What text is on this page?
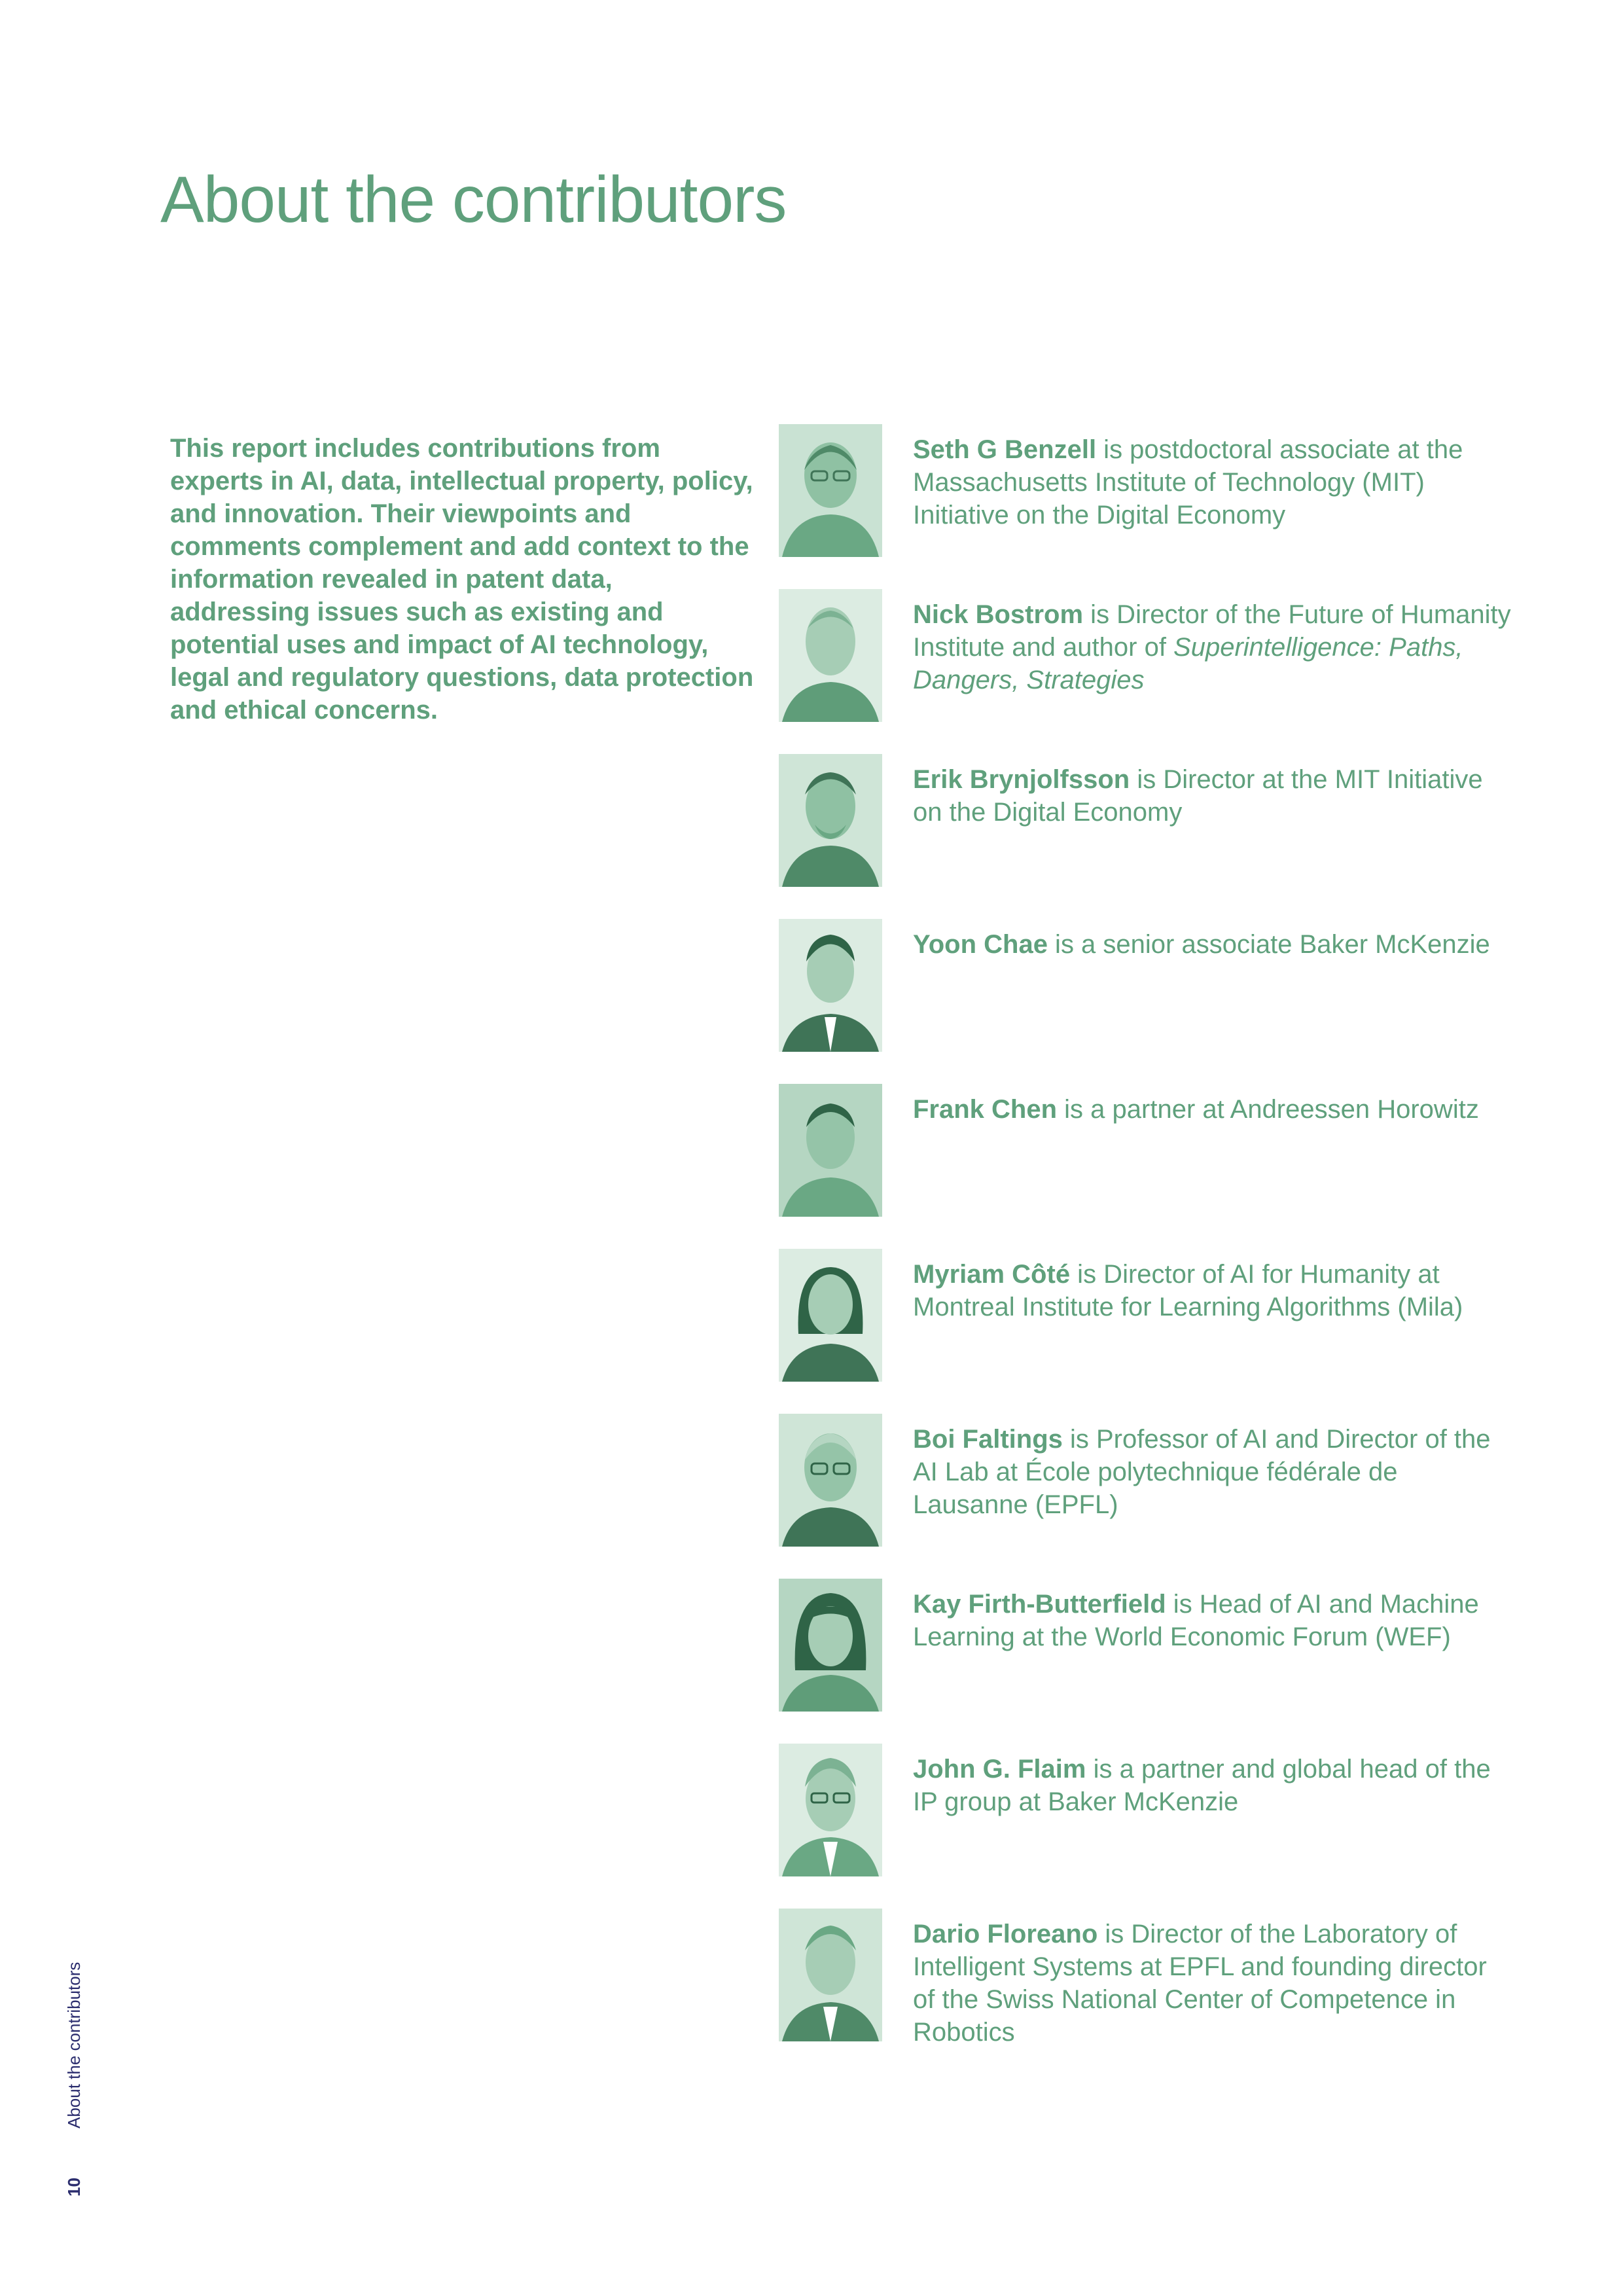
About the contributors

This report includes contributions from experts in AI, data, intellectual property, policy, and innovation. Their viewpoints and comments complement and add context to the information revealed in patent data, addressing issues such as existing and potential uses and impact of AI technology, legal and regulatory questions, data protection and ethical concerns.

Seth G Benzell is postdoctoral associate at the Massachusetts Institute of Technology (MIT) Initiative on the Digital Economy

Nick Bostrom is Director of the Future of Humanity Institute and author of Superintelligence: Paths, Dangers, Strategies

Erik Brynjolfsson is Director at the MIT Initiative on the Digital Economy

Yoon Chae is a senior associate Baker McKenzie

Frank Chen is a partner at Andreessen Horowitz

Myriam Côté is Director of AI for Humanity at Montreal Institute for Learning Algorithms (Mila)

Boi Faltings is Professor of AI and Director of the AI Lab at École polytechnique fédérale de Lausanne (EPFL)

Kay Firth-Butterfield is Head of AI and Machine Learning at the World Economic Forum (WEF)

John G. Flaim is a partner and global head of the IP group at Baker McKenzie

Dario Floreano is Director of the Laboratory of Intelligent Systems at EPFL and founding director of the Swiss National Center of Competence in Robotics

About the contributors
10
